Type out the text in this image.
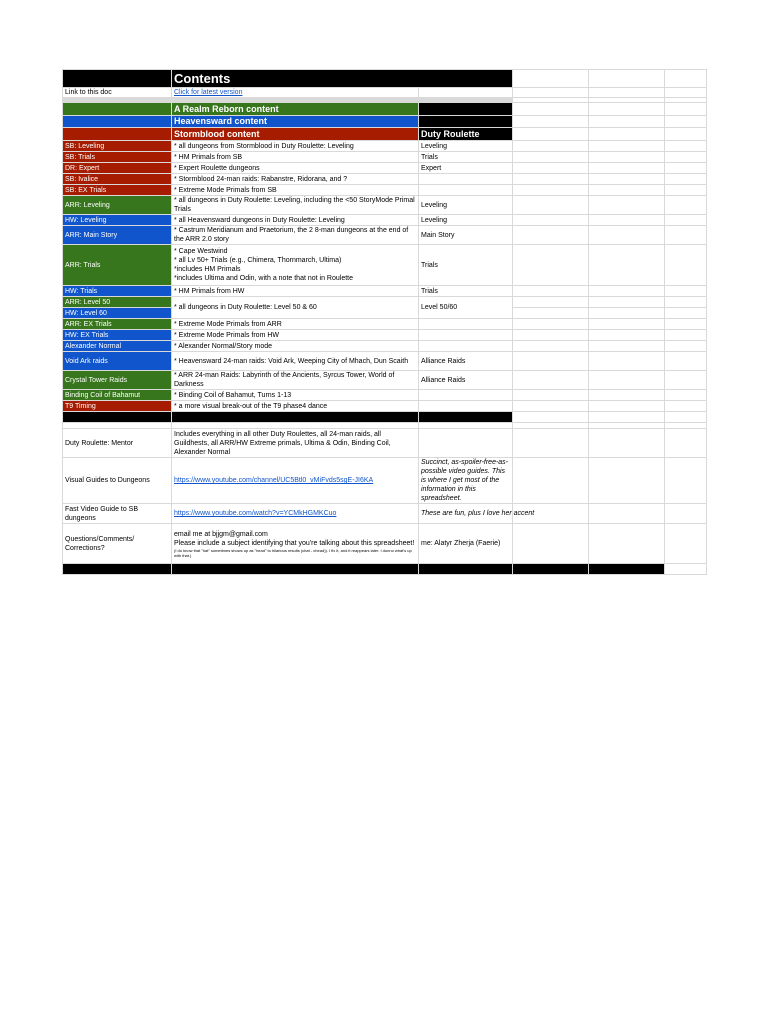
	Contents				
Link to this doc	Click for latest version				

	A Realm Reborn content				
	Heavensward content				
	Stormblood content	Duty Roulette			
SB: Leveling	* all dungeons from Stormblood in Duty Roulette: Leveling	Leveling			
SB: Trials	* HM Primals from SB	Trials			
DR: Expert	* Expert Roulette dungeons	Expert			
SB: Ivalice	* Stormblood 24-man raids: Rabanstre, Ridorana, and ?				
SB: EX Trials	* Extreme Mode Primals from SB				
ARR: Leveling	* all dungeons in Duty Roulette: Leveling, including the <50 StoryMode Primal Trials	Leveling			
HW: Leveling	* all Heavensward dungeons in Duty Roulette: Leveling	Leveling			
ARR: Main Story	* Castrum Meridianum and Praetorium, the 2 8-man dungeons at the end of the ARR 2.0 story	Main Story			
ARR: Trials	* Cape Westwind
* all Lv 50+ Trials (e.g., Chimera, Thornmarch, Ultima)
*includes HM Primals
*includes Ultima and Odin, with a note that not in Roulette	Trials			
HW: Trials	* HM Primals from HW	Trials			
ARR: Level 50	* all dungeons in Duty Roulette: Level 50 & 60	Level 50/60			
HW: Level 60					
ARR: EX Trials	* Extreme Mode Primals from ARR				
HW: EX Trials	* Extreme Mode Primals from HW				
Alexander Normal	* Alexander Normal/Story mode				
Void Ark raids	* Heavensward 24-man raids: Void Ark, Weeping City of Mhach, Dun Scaith	Alliance Raids			
Crystal Tower Raids	* ARR 24-man Raids: Labyrinth of the Ancients, Syrcus Tower, World of Darkness	Alliance Raids			
Binding Coil of Bahamut	* Binding Coil of Bahamut, Turns 1-13				
T9 Timing	* a more visual break-out of the T9 phase4 dance				

Duty Roulette: Mentor	Includes everything in all other Duty Roulettes, all 24-man raids, all Guildhests, all ARR/HW Extreme primals, Ultima & Odin, Binding Coil, Alexander Normal				
Visual Guides to Dungeons	https://www.youtube.com/channel/UC5Btl0_vMiFvds5sgE-JI6KA	Succinct, as-spoiler-free-as-possible video guides. This is where I get most of the information in this spreadsheet.			
Fast Video Guide to SB dungeons	https://www.youtube.com/watch?v=YCMkHGMKCuo	These are fun, plus I love her accent			
Questions/Comments/ Corrections?	email me at bjjgm@gmail.com
Please include a subject identifying that you're talking about this spreadsheet!
(I do know that "hat" sometimes shows up as "head" to hilarious results (chat - chead)). I fix it, and it reappears later. I dunno what's up with that.)	me: Alatyr Zherja (Faerie)			
